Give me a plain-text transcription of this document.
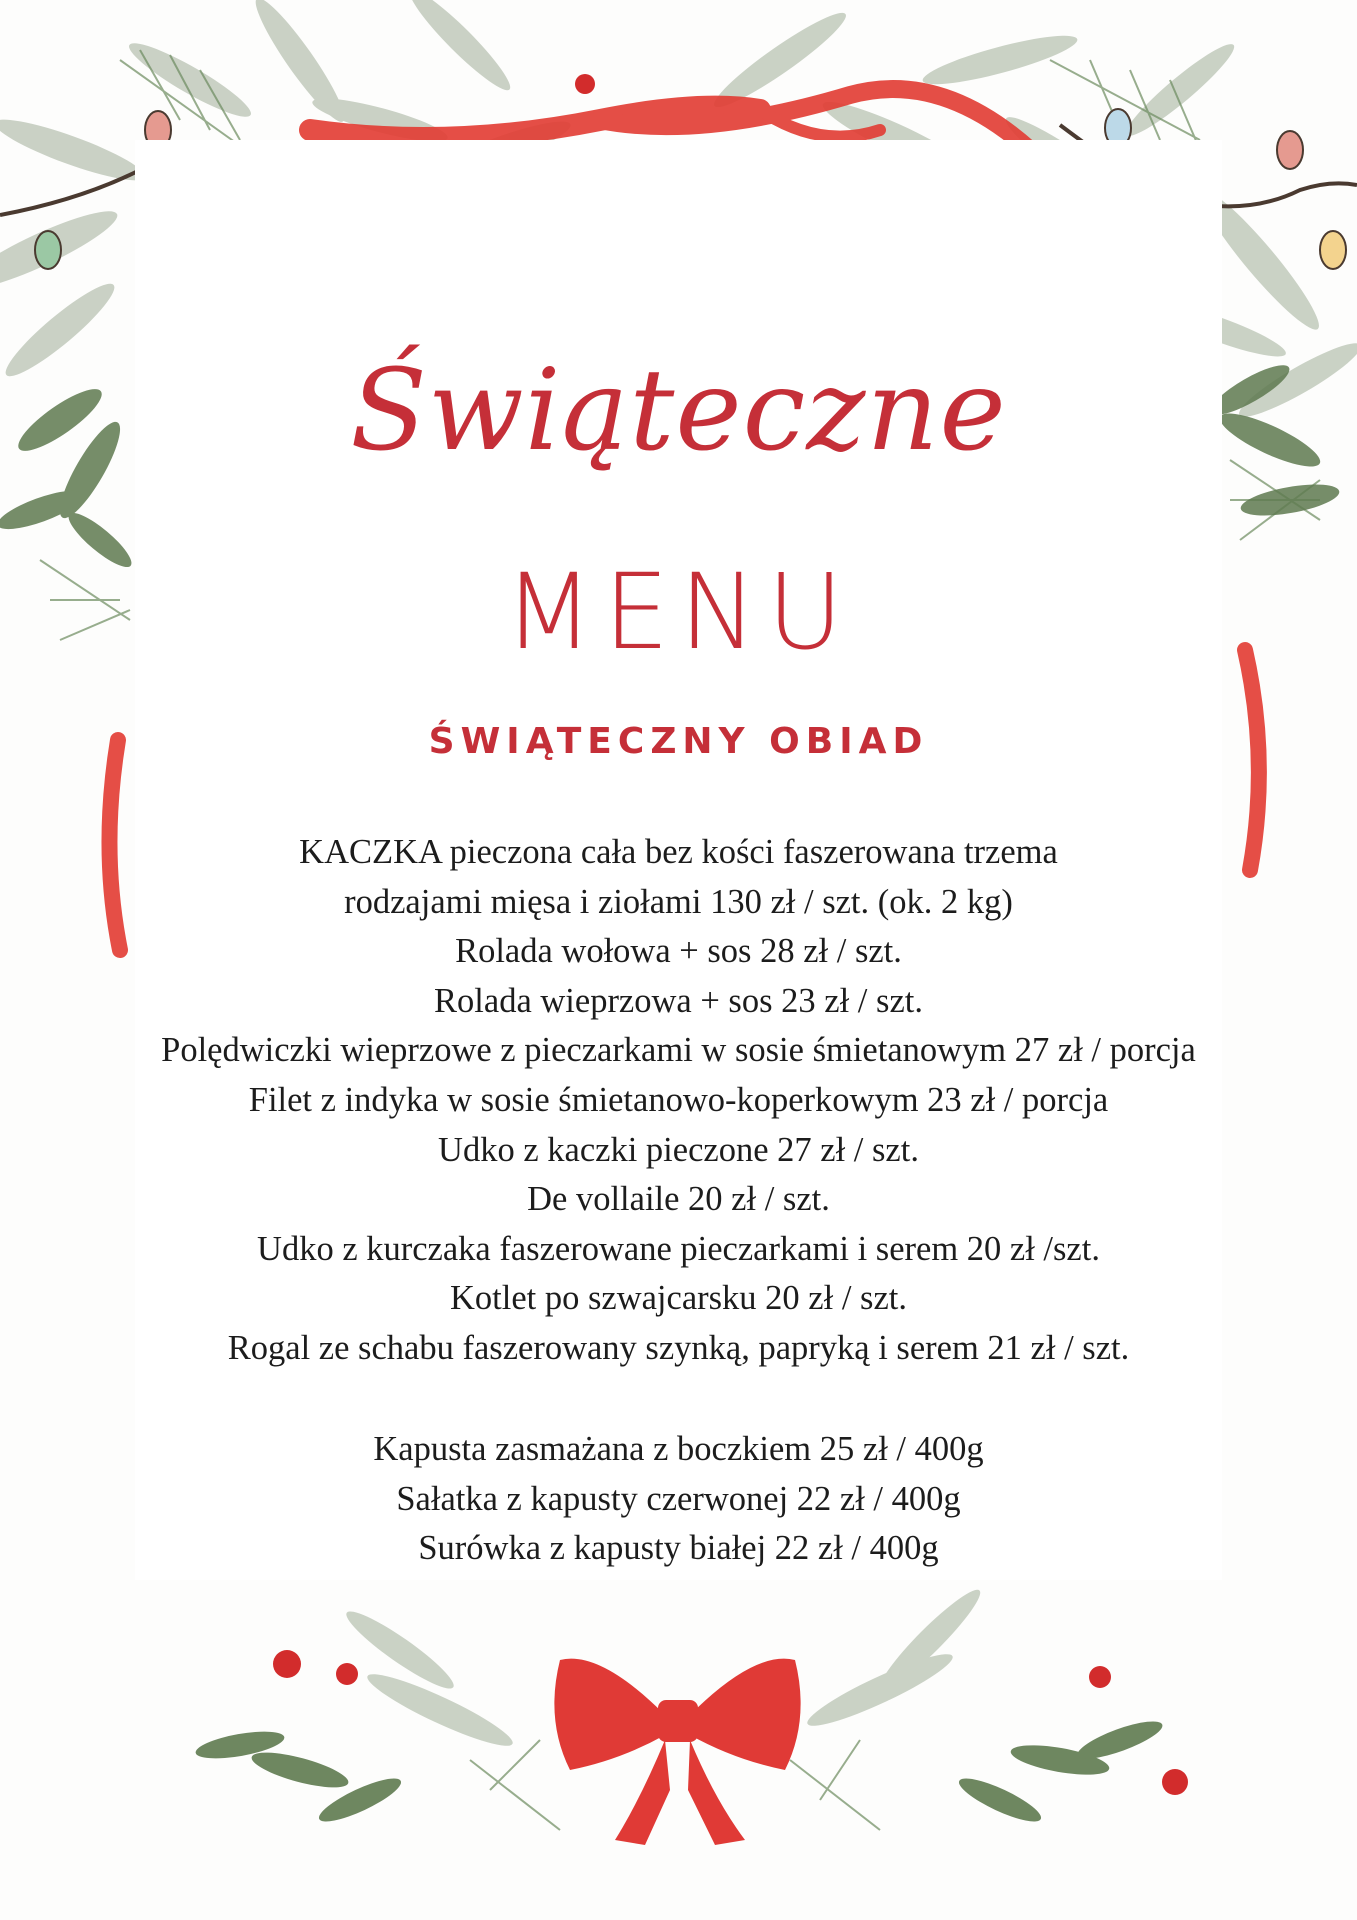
Świąteczne
MENU
ŚWIĄTECZNY OBIAD
KACZKA pieczona cała bez kości faszerowana trzema
rodzajami mięsa i ziołami 130 zł / szt. (ok. 2 kg)
Rolada wołowa + sos 28 zł / szt.
Rolada wieprzowa + sos 23 zł / szt.
Polędwiczki wieprzowe z pieczarkami w sosie śmietanowym 27 zł / porcja
Filet z indyka w sosie śmietanowo-koperkowym 23 zł / porcja
Udko z kaczki pieczone 27 zł / szt.
De vollaile 20 zł / szt.
Udko z kurczaka faszerowane pieczarkami i serem 20 zł /szt.
Kotlet po szwajcarsku 20 zł / szt.
Rogal ze schabu faszerowany szynką, papryką i serem 21 zł / szt.
Kapusta zasmażana z boczkiem 25 zł / 400g
Sałatka z kapusty czerwonej 22 zł / 400g
Surówka z kapusty białej 22 zł / 400g
